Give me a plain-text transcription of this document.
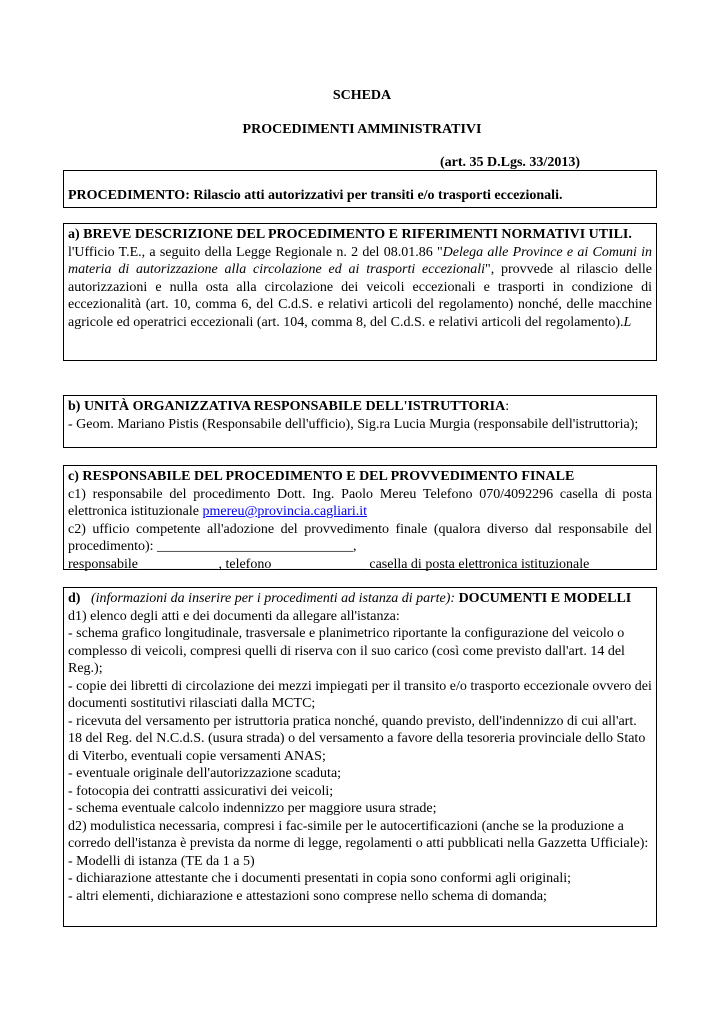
SCHEDA
PROCEDIMENTI AMMINISTRATIVI
(art. 35 D.Lgs. 33/2013)
PROCEDIMENTO: Rilascio atti autorizzativi per transiti e/o trasporti eccezionali.
a) BREVE DESCRIZIONE DEL PROCEDIMENTO E RIFERIMENTI NORMATIVI UTILI.
l'Ufficio T.E., a seguito della Legge Regionale n. 2 del 08.01.86 "Delega alle Province e ai Comuni in materia di autorizzazione alla circolazione ed ai trasporti eccezionali", provvede al rilascio delle autorizzazioni e nulla osta alla circolazione dei veicoli eccezionali e trasporti in condizione di eccezionalità (art. 10, comma 6, del C.d.S. e relativi articoli del regolamento) nonché, delle macchine agricole ed operatrici eccezionali (art. 104, comma 8, del C.d.S. e relativi articoli del regolamento).L
b) UNITÀ ORGANIZZATIVA RESPONSABILE DELL'ISTRUTTORIA:
- Geom. Mariano Pistis (Responsabile dell'ufficio), Sig.ra Lucia Murgia (responsabile dell'istruttoria);
c) RESPONSABILE DEL PROCEDIMENTO E DEL PROVVEDIMENTO FINALE
c1) responsabile del procedimento Dott. Ing. Paolo Mereu Telefono 070/4092296 casella di posta elettronica istituzionale pmereu@provincia.cagliari.it
c2) ufficio competente all'adozione del provvedimento finale (qualora diverso dal responsabile del procedimento): ____________________________,
responsabile ___________, telefono _____________ casella di posta elettronica istituzionale
d) (informazioni da inserire per i procedimenti ad istanza di parte): DOCUMENTI E MODELLI
d1) elenco degli atti e dei documenti da allegare all'istanza:
- schema grafico longitudinale, trasversale e planimetrico riportante la configurazione del veicolo o complesso di veicoli, compresi quelli di riserva con il suo carico (così come previsto dall'art. 14 del Reg.);
- copie dei libretti di circolazione dei mezzi impiegati per il transito e/o trasporto eccezionale ovvero dei documenti sostitutivi rilasciati dalla MCTC;
- ricevuta del versamento per istruttoria pratica nonché, quando previsto, dell'indennizzo di cui all'art. 18 del Reg. del N.C.d.S. (usura strada) o del versamento a favore della tesoreria provinciale dello Stato di Viterbo, eventuali copie versamenti ANAS;
- eventuale originale dell'autorizzazione scaduta;
- fotocopia dei contratti assicurativi dei veicoli;
- schema eventuale calcolo indennizzo per maggiore usura strade;
d2) modulistica necessaria, compresi i fac-simile per le autocertificazioni (anche se la produzione a corredo dell'istanza è prevista da norme di legge, regolamenti o atti pubblicati nella Gazzetta Ufficiale):
- Modelli di istanza (TE da 1 a 5)
- dichiarazione attestante che i documenti presentati in copia sono conformi agli originali;
- altri elementi, dichiarazione e attestazioni sono comprese nello schema di domanda;
